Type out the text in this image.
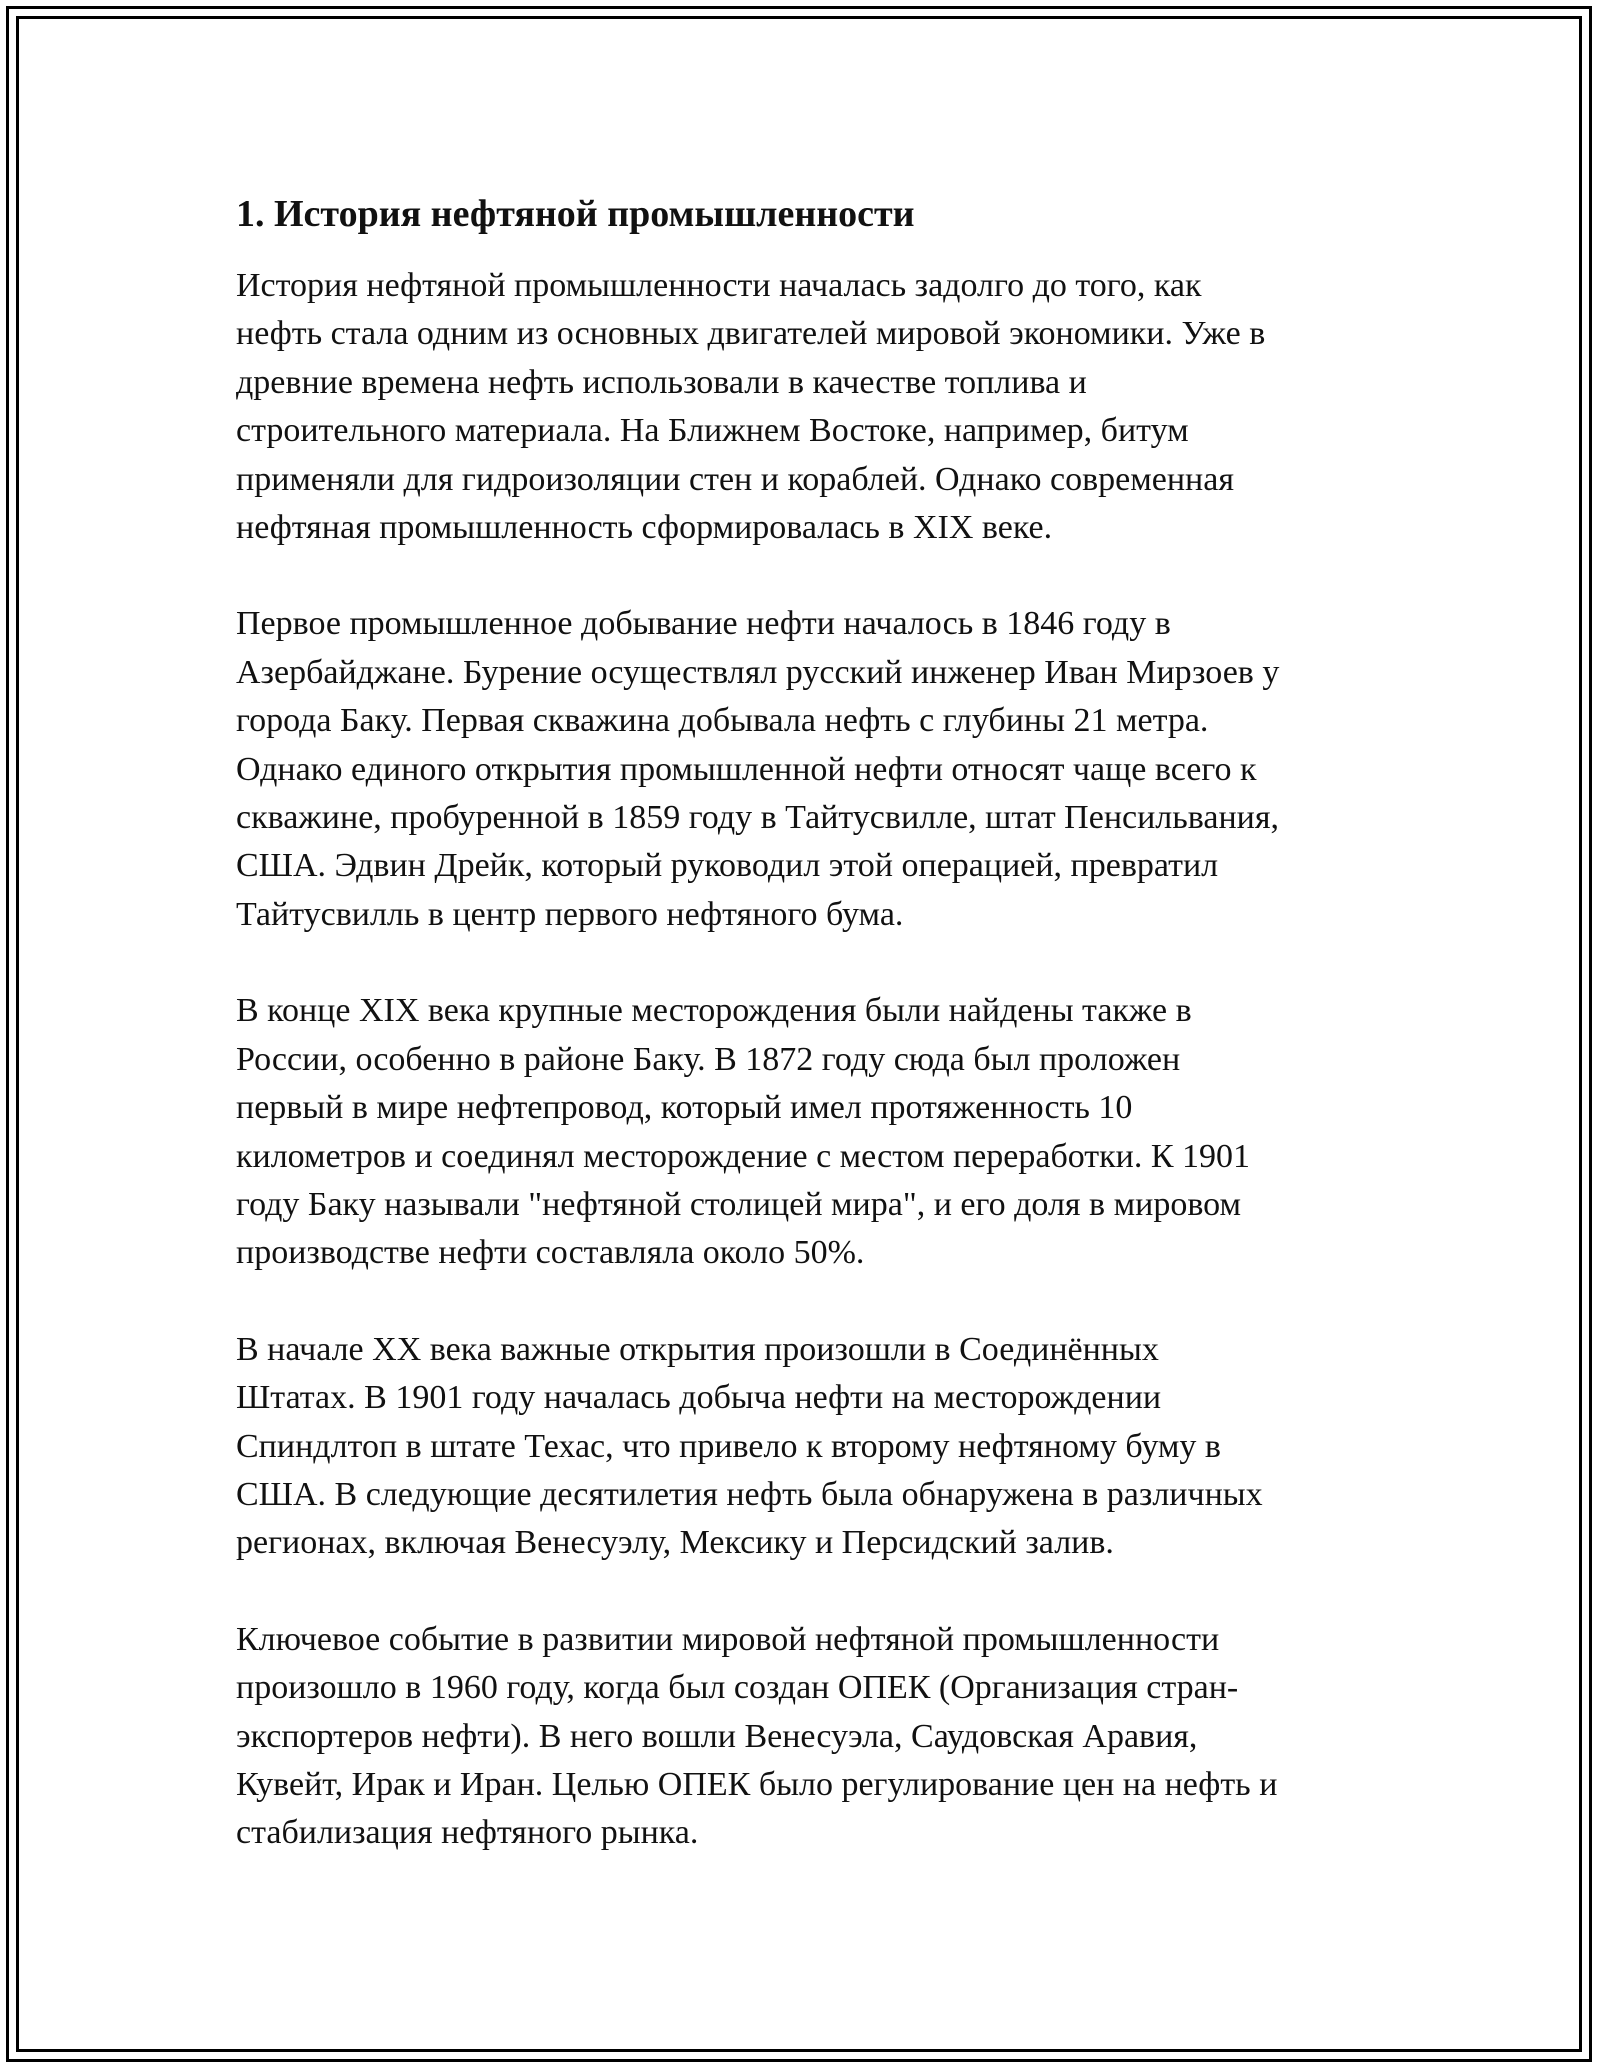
1. История нефтяной промышленности

История нефтяной промышленности началась задолго до того, как
нефть стала одним из основных двигателей мировой экономики. Уже в
древние времена нефть использовали в качестве топлива и
строительного материала. На Ближнем Востоке, например, битум
применяли для гидроизоляции стен и кораблей. Однако современная
нефтяная промышленность сформировалась в XIX веке.

Первое промышленное добывание нефти началось в 1846 году в
Азербайджане. Бурение осуществлял русский инженер Иван Мирзоев у
города Баку. Первая скважина добывала нефть с глубины 21 метра.
Однако единого открытия промышленной нефти относят чаще всего к
скважине, пробуренной в 1859 году в Тайтусвилле, штат Пенсильвания,
США. Эдвин Дрейк, который руководил этой операцией, превратил
Тайтусвилль в центр первого нефтяного бума.

В конце XIX века крупные месторождения были найдены также в
России, особенно в районе Баку. В 1872 году сюда был проложен
первый в мире нефтепровод, который имел протяженность 10
километров и соединял месторождение с местом переработки. К 1901
году Баку называли "нефтяной столицей мира", и его доля в мировом
производстве нефти составляла около 50%.

В начале XX века важные открытия произошли в Соединённых
Штатах. В 1901 году началась добыча нефти на месторождении
Спиндлтоп в штате Техас, что привело к второму нефтяному буму в
США. В следующие десятилетия нефть была обнаружена в различных
регионах, включая Венесуэлу, Мексику и Персидский залив.

Ключевое событие в развитии мировой нефтяной промышленности
произошло в 1960 году, когда был создан ОПЕК (Организация стран-
экспортеров нефти). В него вошли Венесуэла, Саудовская Аравия,
Кувейт, Ирак и Иран. Целью ОПЕК было регулирование цен на нефть и
стабилизация нефтяного рынка.
